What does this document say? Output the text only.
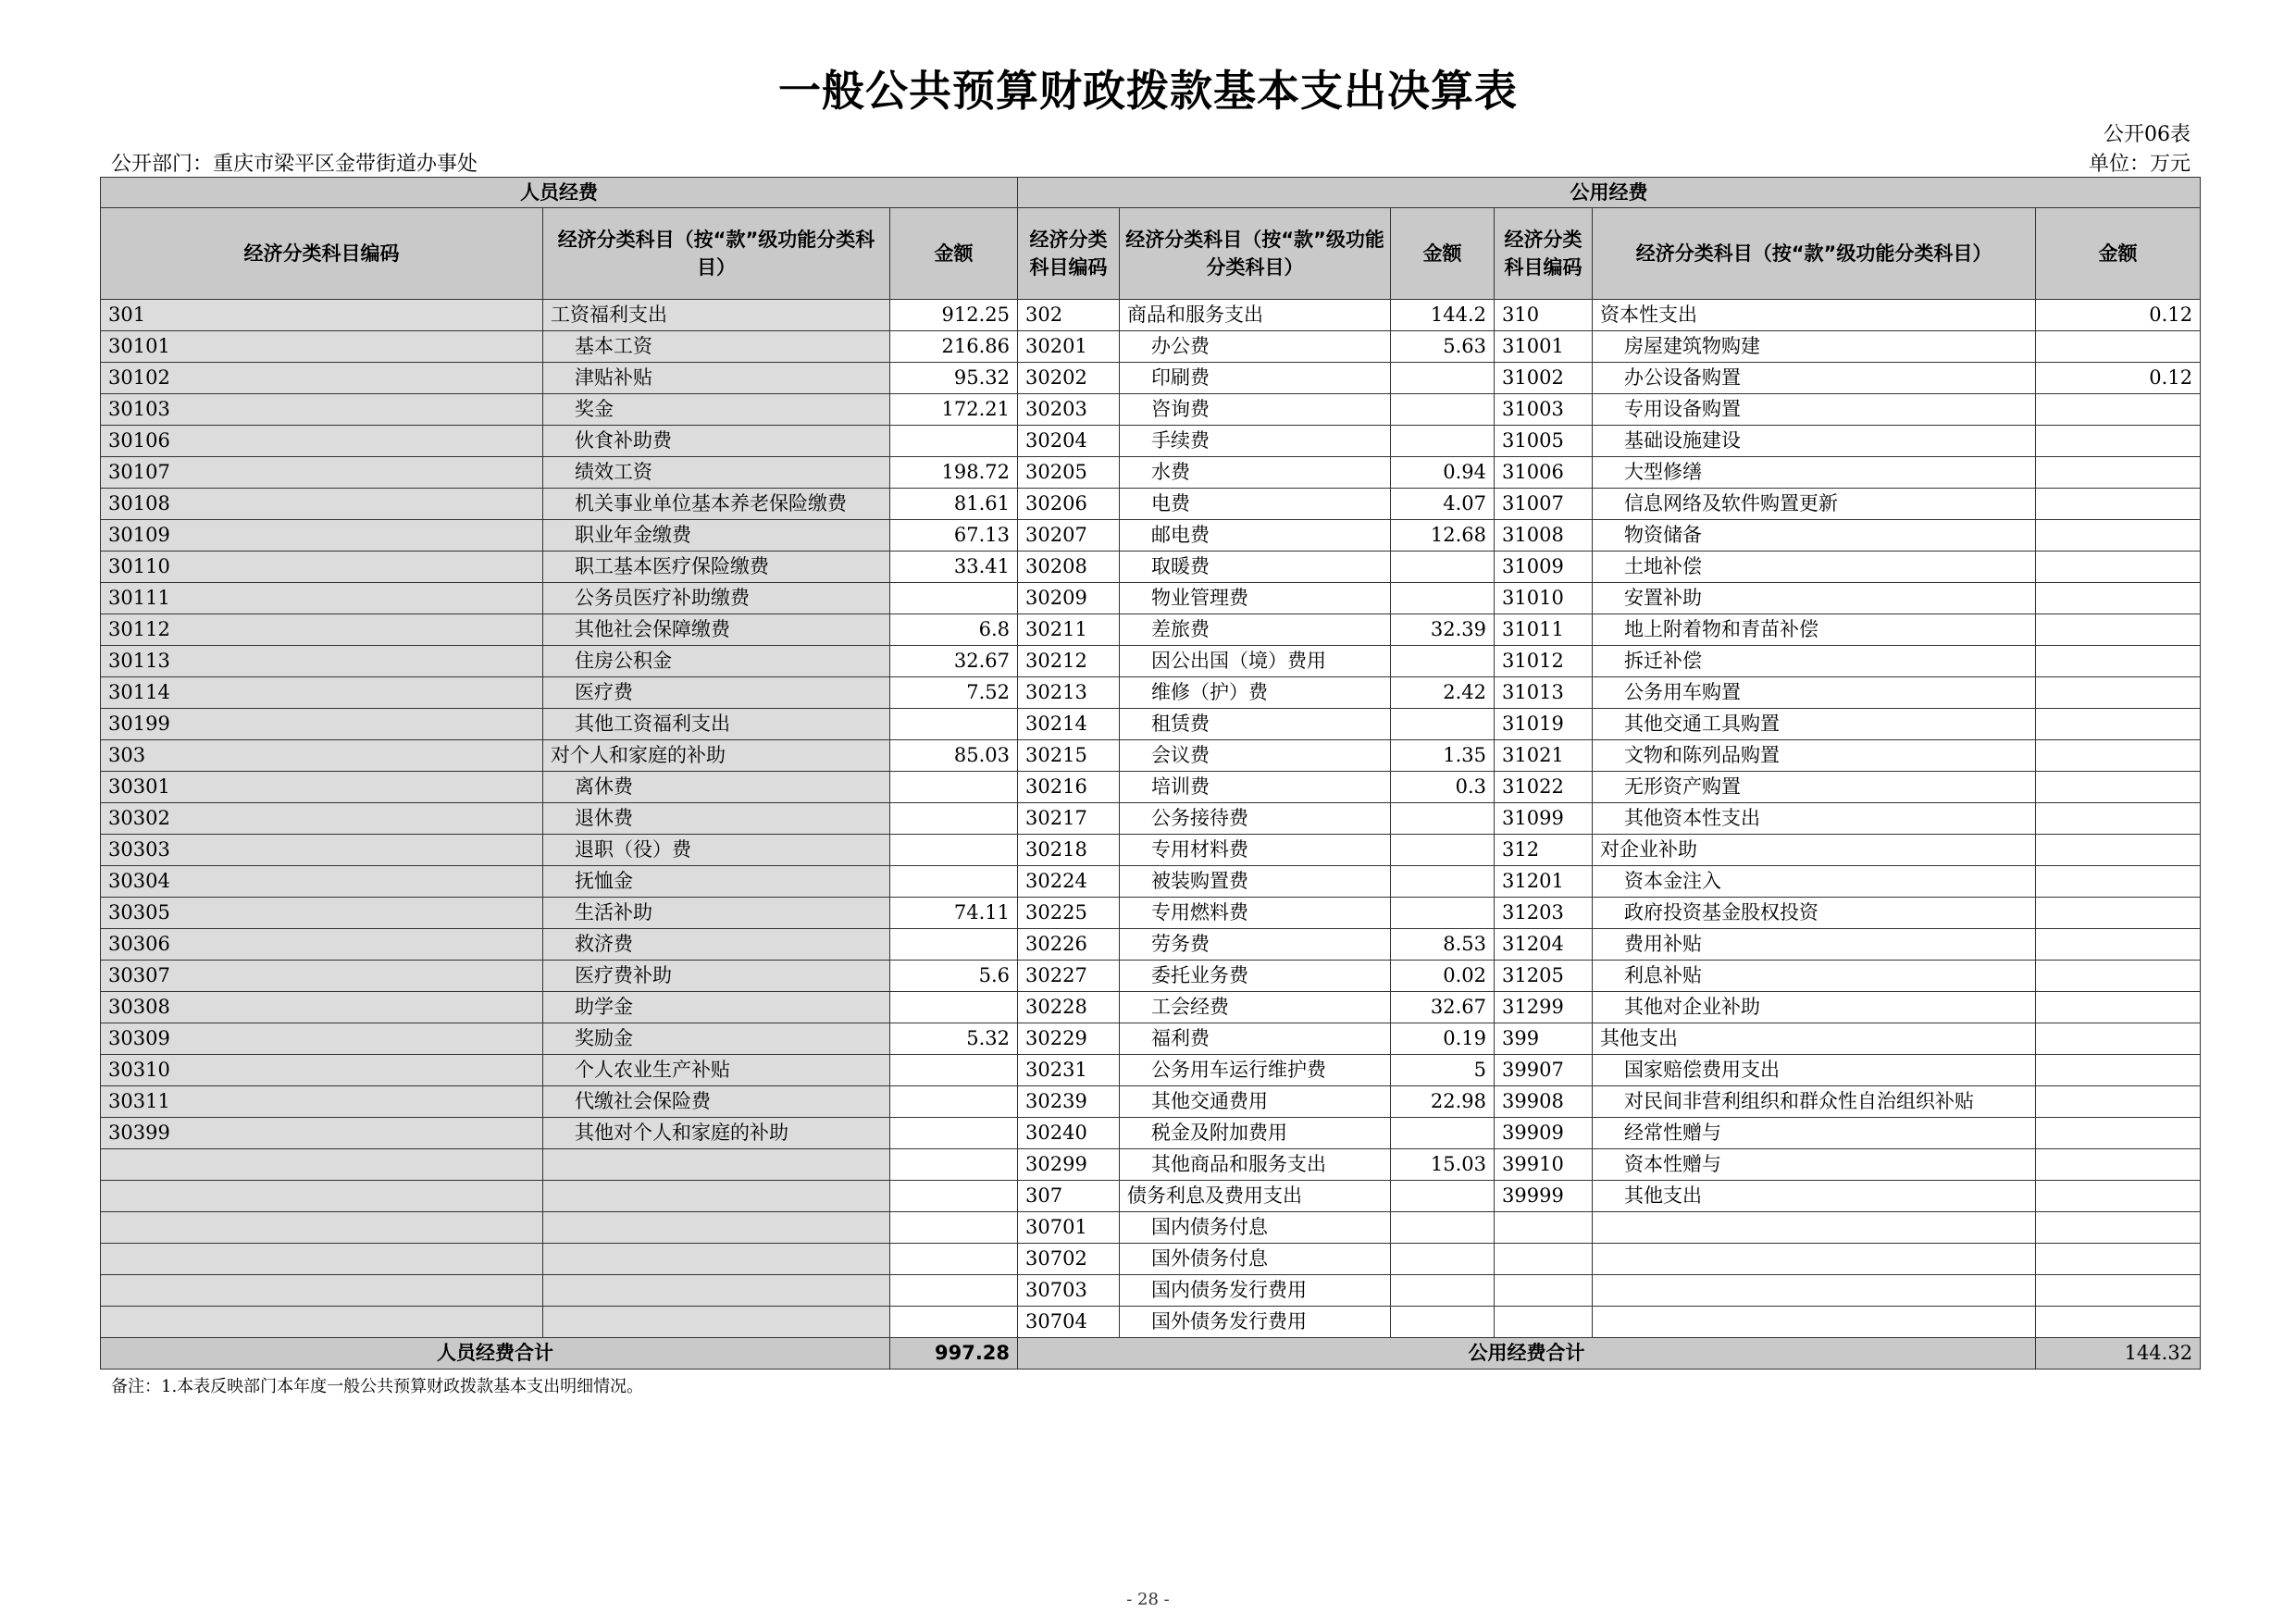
一般公共预算财政拨款基本支出决算表
公开06表
公开部门：重庆市梁平区金带街道办事处	单位：万元
人员经费			公用经费					
经济分类科目编码	经济分类科目（按“款”级功能分类科目）	金额	经济分类科目编码	经济分类科目（按“款”级功能分类科目）	金额	经济分类科目编码	经济分类科目（按“款”级功能分类科目）	金额
301	工资福利支出	912.25	302	商品和服务支出	144.2	310	资本性支出	0.12
30101	基本工资	216.86	30201	办公费	5.63	31001	房屋建筑物购建	
30102	津贴补贴	95.32	30202	印刷费		31002	办公设备购置	0.12
30103	奖金	172.21	30203	咨询费		31003	专用设备购置	
30106	伙食补助费		30204	手续费		31005	基础设施建设	
30107	绩效工资	198.72	30205	水费	0.94	31006	大型修缮	
30108	机关事业单位基本养老保险缴费	81.61	30206	电费	4.07	31007	信息网络及软件购置更新	
30109	职业年金缴费	67.13	30207	邮电费	12.68	31008	物资储备	
30110	职工基本医疗保险缴费	33.41	30208	取暖费		31009	土地补偿	
30111	公务员医疗补助缴费		30209	物业管理费		31010	安置补助	
30112	其他社会保障缴费	6.8	30211	差旅费	32.39	31011	地上附着物和青苗补偿	
30113	住房公积金	32.67	30212	因公出国（境）费用		31012	拆迁补偿	
30114	医疗费	7.52	30213	维修（护）费	2.42	31013	公务用车购置	
30199	其他工资福利支出		30214	租赁费		31019	其他交通工具购置	
303	对个人和家庭的补助	85.03	30215	会议费	1.35	31021	文物和陈列品购置	
30301	离休费		30216	培训费	0.3	31022	无形资产购置	
30302	退休费		30217	公务接待费		31099	其他资本性支出	
30303	退职（役）费		30218	专用材料费		312	对企业补助	
30304	抚恤金		30224	被装购置费		31201	资本金注入	
30305	生活补助	74.11	30225	专用燃料费		31203	政府投资基金股权投资	
30306	救济费		30226	劳务费	8.53	31204	费用补贴	
30307	医疗费补助	5.6	30227	委托业务费	0.02	31205	利息补贴	
30308	助学金		30228	工会经费	32.67	31299	其他对企业补助	
30309	奖励金	5.32	30229	福利费	0.19	399	其他支出	
30310	个人农业生产补贴		30231	公务用车运行维护费	5	39907	国家赔偿费用支出	
30311	代缴社会保险费		30239	其他交通费用	22.98	39908	对民间非营利组织和群众性自治组织补贴	
30399	其他对个人和家庭的补助		30240	税金及附加费用		39909	经常性赠与	
			30299	其他商品和服务支出	15.03	39910	资本性赠与	
			307	债务利息及费用支出		39999	其他支出	
			30701	国内债务付息				
			30702	国外债务付息				
			30703	国内债务发行费用				
			30704	国外债务发行费用				
人员经费合计		997.28	公用经费合计					144.32
备注：1.本表反映部门本年度一般公共预算财政拨款基本支出明细情况。
- 28 -
